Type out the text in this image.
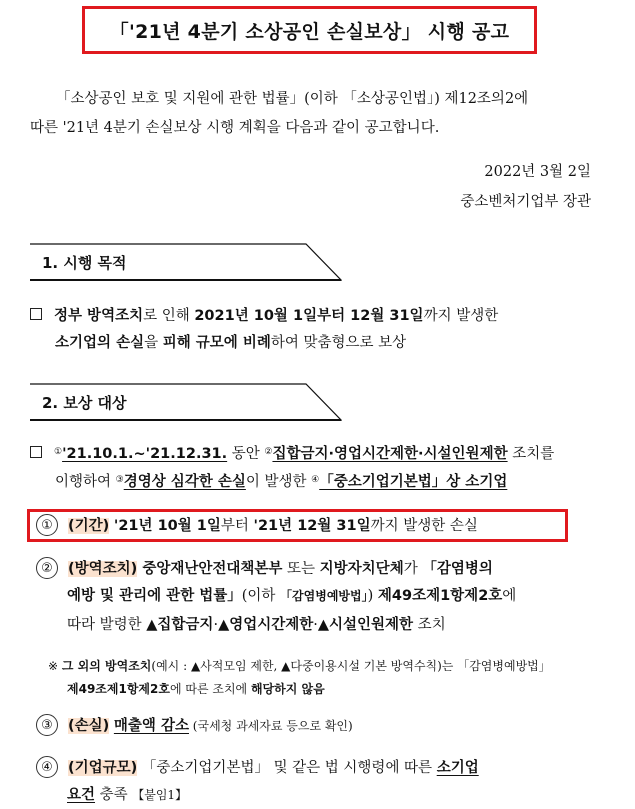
「'21년 4분기 소상공인 손실보상」 시행 공고
「소상공인 보호 및 지원에 관한 법률」(이하 「소상공인법」) 제12조의2에
따른 '21년 4분기 손실보상 시행 계획을 다음과 같이 공고합니다.
2022년 3월 2일
중소벤처기업부 장관
1. 시행 목적
정부 방역조치로 인해 2021년 10월 1일부터 12월 31일까지 발생한
소기업의 손실을 피해 규모에 비례하여 맞춤형으로 보상
2. 보상 대상
①'21.10.1.~'21.12.31. 동안 ②집합금지·영업시간제한·시설인원제한 조치를
이행하여 ③경영상 심각한 손실이 발생한 ④「중소기업기본법」상 소기업
① (기간) '21년 10월 1일부터 '21년 12월 31일까지 발생한 손실
② (방역조치) 중앙재난안전대책본부 또는 지방자치단체가 「감염병의
예방 및 관리에 관한 법률」(이하 「감염병예방법」) 제49조제1항제2호에
따라 발령한 ▲집합금지·▲영업시간제한·▲시설인원제한 조치
※ 그 외의 방역조치(예시 : ▲사적모임 제한, ▲다중이용시설 기본 방역수칙)는 「감염병예방법」
제49조제1항제2호에 따른 조치에 해당하지 않음
③ (손실) 매출액 감소 (국세청 과세자료 등으로 확인)
④ (기업규모) 「중소기업기본법」 및 같은 법 시행령에 따른 소기업
요건 충족 【붙임1】
